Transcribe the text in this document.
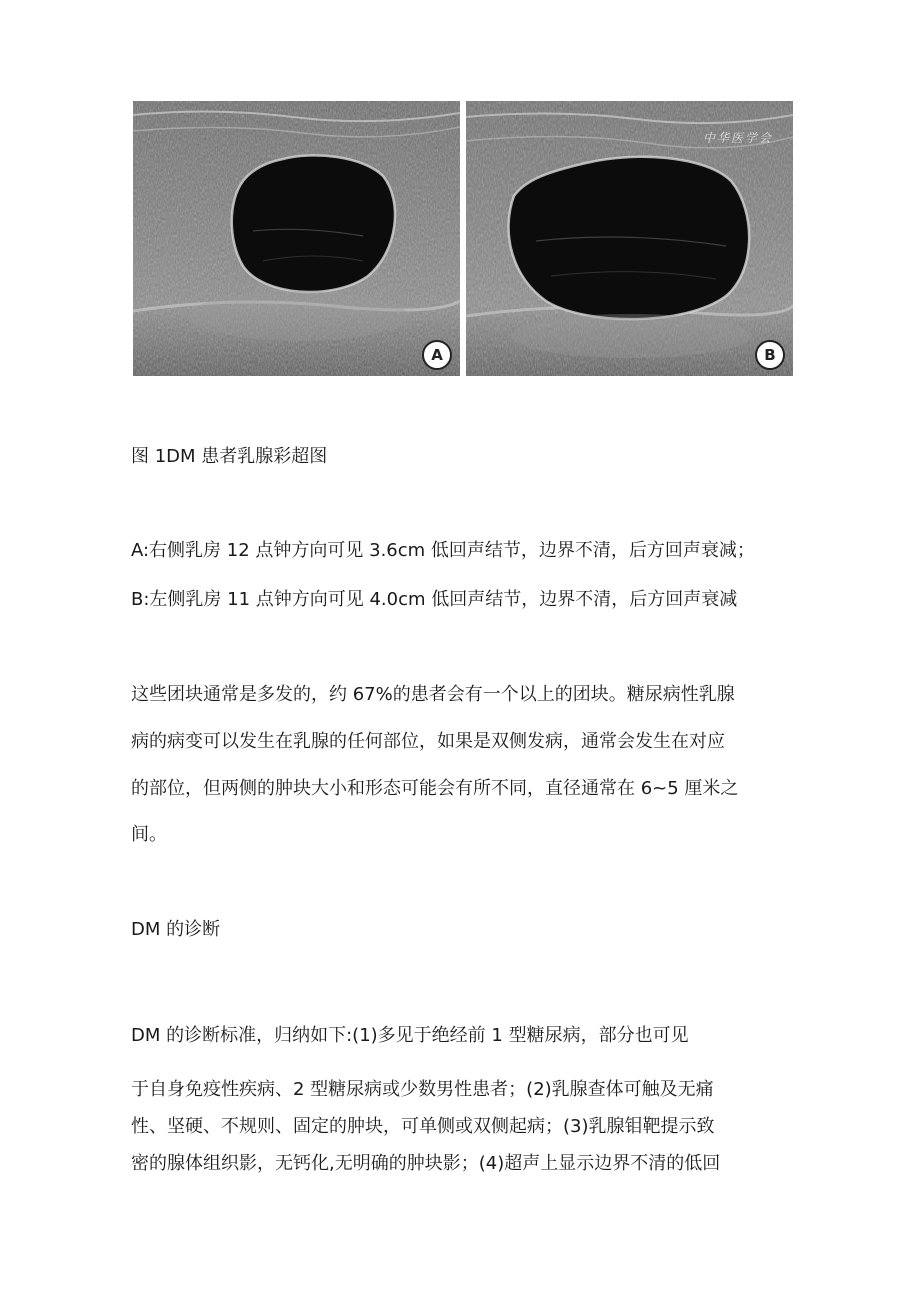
A
中华医学会
B

图 1DM 患者乳腺彩超图

A:右侧乳房 12 点钟方向可见 3.6cm 低回声结节，边界不清，后方回声衰减；

B:左侧乳房 11 点钟方向可见 4.0cm 低回声结节，边界不清，后方回声衰减

这些团块通常是多发的，约 67%的患者会有一个以上的团块。糖尿病性乳腺

病的病变可以发生在乳腺的任何部位，如果是双侧发病，通常会发生在对应

的部位，但两侧的肿块大小和形态可能会有所不同，直径通常在 6~5 厘米之

间。

DM 的诊断

DM 的诊断标准，归纳如下:(1)多见于绝经前 1 型糖尿病，部分也可见

于自身免疫性疾病、2 型糖尿病或少数男性患者；(2)乳腺查体可触及无痛

性、坚硬、不规则、固定的肿块，可单侧或双侧起病；(3)乳腺钼靶提示致

密的腺体组织影，无钙化,无明确的肿块影；(4)超声上显示边界不清的低回
